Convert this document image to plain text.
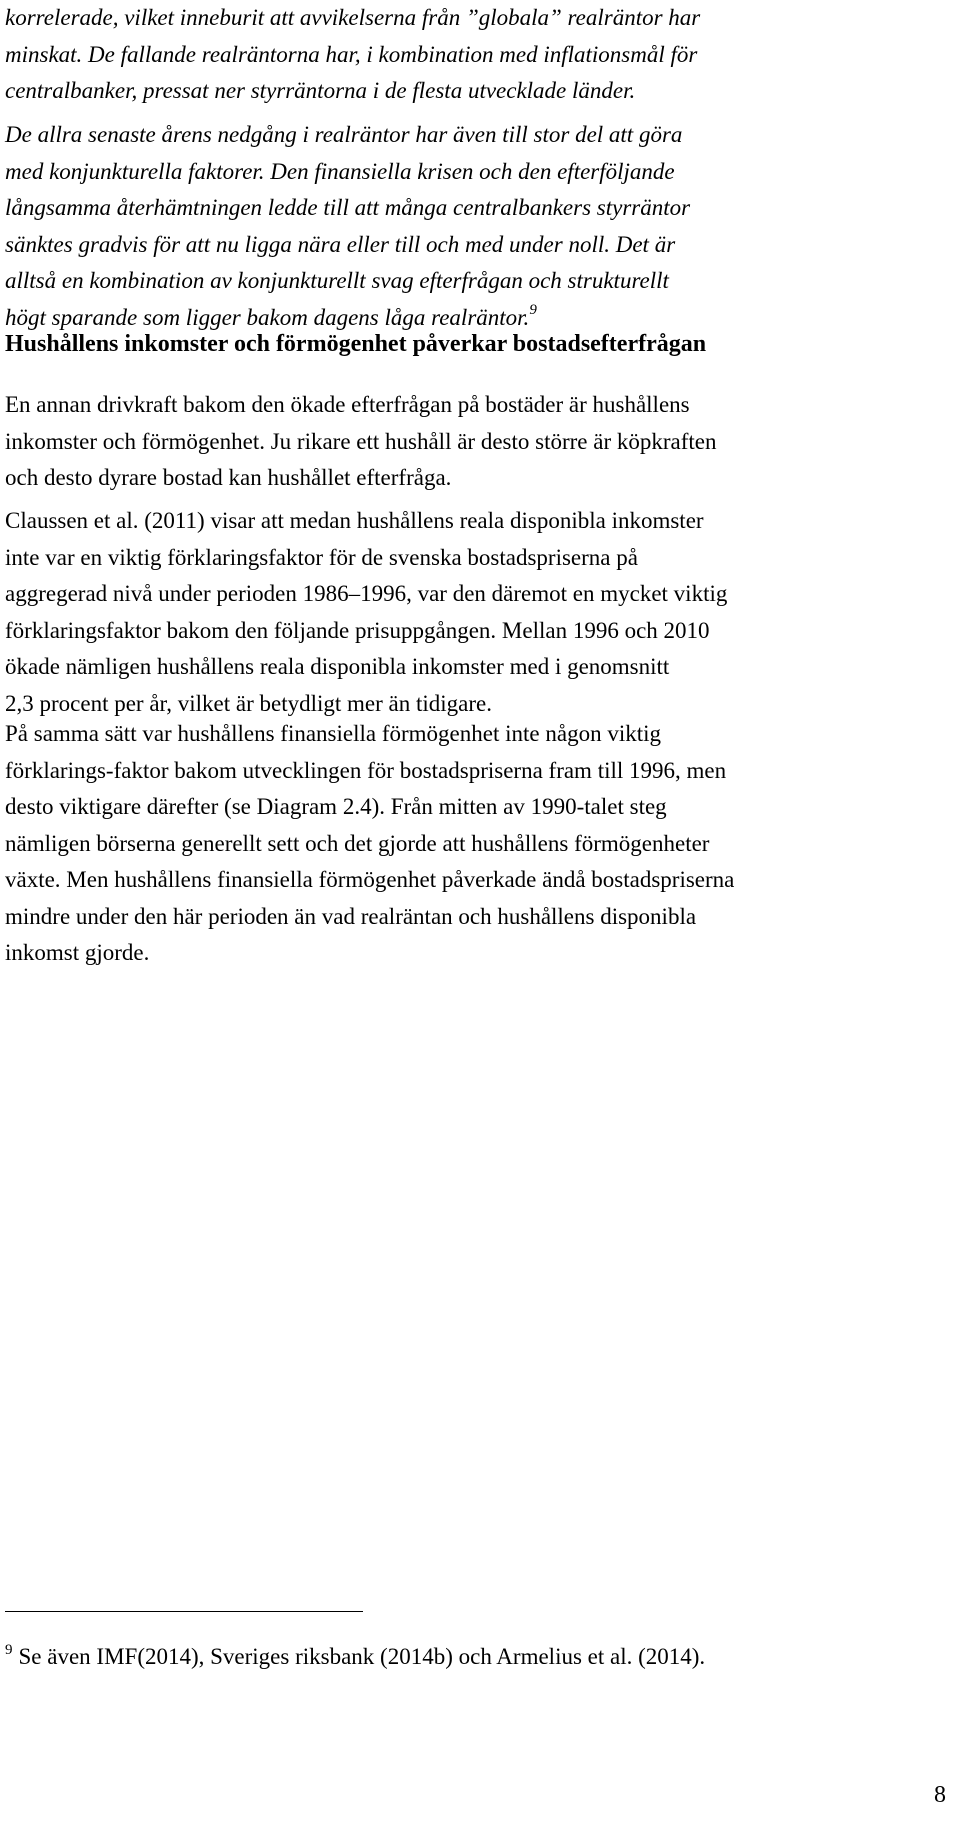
korrelerade, vilket inneburit att avvikelserna från ”globala” realräntor har
minskat. De fallande realräntorna har, i kombination med inflationsmål för
centralbanker, pressat ner styrräntorna i de flesta utvecklade länder.

De allra senaste årens nedgång i realräntor har även till stor del att göra
med konjunkturella faktorer. Den finansiella krisen och den efterföljande
långsamma återhämtningen ledde till att många centralbankers styrräntor
sänktes gradvis för att nu ligga nära eller till och med under noll. Det är
alltså en kombination av konjunkturellt svag efterfrågan och strukturellt
högt sparande som ligger bakom dagens låga realräntor.$^9$

Hushållens inkomster och förmögenhet påverkar bostadsefterfrågan

En annan drivkraft bakom den ökade efterfrågan på bostäder är hushållens
inkomster och förmögenhet. Ju rikare ett hushåll är desto större är köpkraften
och desto dyrare bostad kan hushållet efterfråga.

Claussen et al. (2011) visar att medan hushållens reala disponibla inkomster
inte var en viktig förklaringsfaktor för de svenska bostadspriserna på
aggregerad nivå under perioden 1986–1996, var den däremot en mycket viktig
förklaringsfaktor bakom den följande prisuppgången. Mellan 1996 och 2010
ökade nämligen hushållens reala disponibla inkomster med i genomsnitt
2,3 procent per år, vilket är betydligt mer än tidigare.

På samma sätt var hushållens finansiella förmögenhet inte någon viktig
förklarings-faktor bakom utvecklingen för bostadspriserna fram till 1996, men
desto viktigare därefter (se Diagram 2.4). Från mitten av 1990-talet steg
nämligen börserna generellt sett och det gjorde att hushållens förmögenheter
växte. Men hushållens finansiella förmögenhet påverkade ändå bostadspriserna
mindre under den här perioden än vad realräntan och hushållens disponibla
inkomst gjorde.

$^9$ Se även IMF(2014), Sveriges riksbank (2014b) och Armelius et al. (2014).
8
